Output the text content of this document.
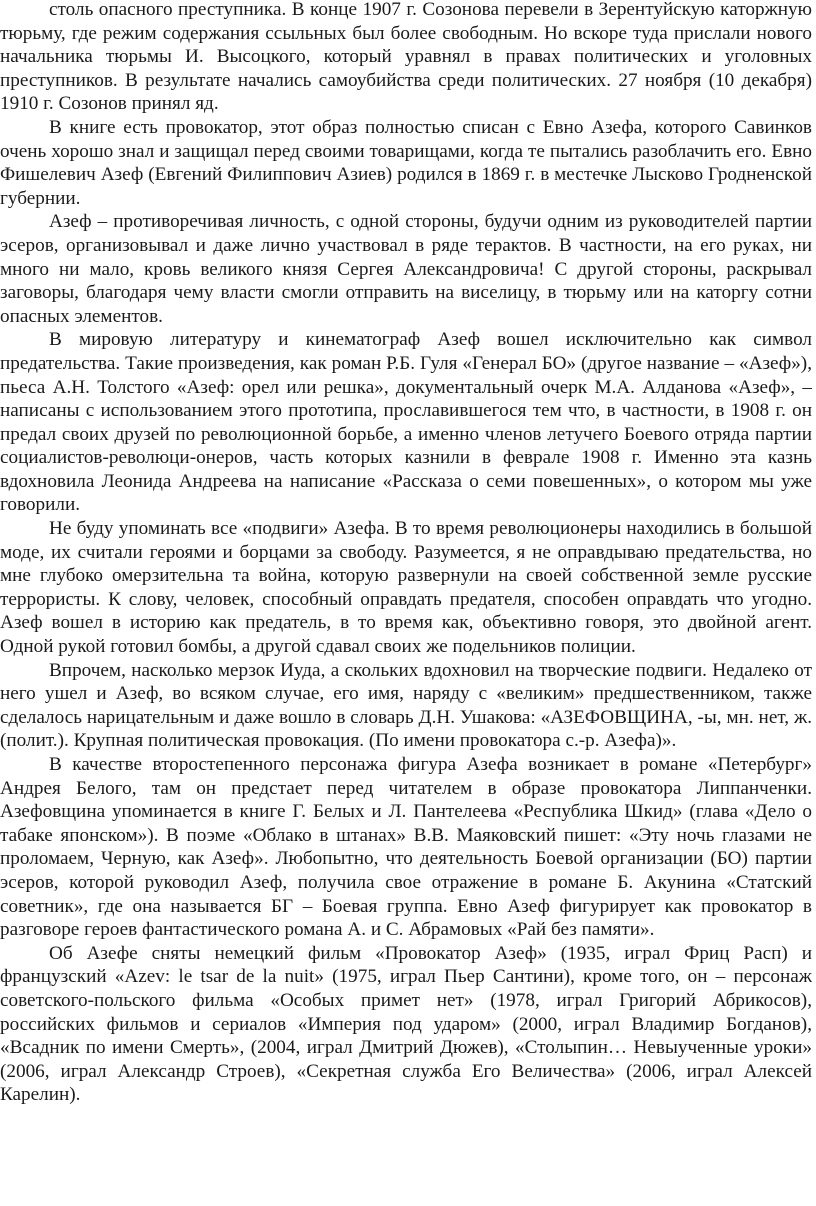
столь опасного преступника. В конце 1907 г. Созонова перевели в Зерентуйскую каторжную тюрьму, где режим содержания ссыльных был более свободным. Но вскоре туда прислали нового начальника тюрьмы И. Высоцкого, который уравнял в правах политических и уголовных преступников. В результате начались самоубийства среди политических. 27 ноября (10 декабря) 1910 г. Созонов принял яд.

В книге есть провокатор, этот образ полностью списан с Евно Азефа, которого Савинков очень хорошо знал и защищал перед своими товарищами, когда те пытались разоблачить его. Евно Фишелевич Азеф (Евгений Филиппович Азиев) родился в 1869 г. в местечке Лысково Гродненской губернии.

Азеф – противоречивая личность, с одной стороны, будучи одним из руководителей партии эсеров, организовывал и даже лично участвовал в ряде терактов. В частности, на его руках, ни много ни мало, кровь великого князя Сергея Александровича! С другой стороны, раскрывал заговоры, благодаря чему власти смогли отправить на виселицу, в тюрьму или на каторгу сотни опасных элементов.

В мировую литературу и кинематограф Азеф вошел исключительно как символ предательства. Такие произведения, как роман Р.Б. Гуля «Генерал БО» (другое название – «Азеф»), пьеса А.Н. Толстого «Азеф: орел или решка», документальный очерк М.А. Алданова «Азеф», – написаны с использованием этого прототипа, прославившегося тем что, в частности, в 1908 г. он предал своих друзей по революционной борьбе, а именно членов летучего Боевого отряда партии социалистов-революци-онеров, часть которых казнили в феврале 1908 г. Именно эта казнь вдохновила Леонида Андреева на написание «Рассказа о семи повешенных», о котором мы уже говорили.

Не буду упоминать все «подвиги» Азефа. В то время революционеры находились в большой моде, их считали героями и борцами за свободу. Разумеется, я не оправдываю предательства, но мне глубоко омерзительна та война, которую развернули на своей собственной земле русские террористы. К слову, человек, способный оправдать предателя, способен оправдать что угодно. Азеф вошел в историю как предатель, в то время как, объективно говоря, это двойной агент. Одной рукой готовил бомбы, а другой сдавал своих же подельников полиции.

Впрочем, насколько мерзок Иуда, а скольких вдохновил на творческие подвиги. Недалеко от него ушел и Азеф, во всяком случае, его имя, наряду с «великим» предшественником, также сделалось нарицательным и даже вошло в словарь Д.Н. Ушакова: «АЗЕФОВЩИНА, -ы, мн. нет, ж. (полит.). Крупная политическая провокация. (По имени провокатора с.-р. Азефа)».

В качестве второстепенного персонажа фигура Азефа возникает в романе «Петербург» Андрея Белого, там он предстает перед читателем в образе провокатора Липпанченки. Азефовщина упоминается в книге Г. Белых и Л. Пантелеева «Республика Шкид» (глава «Дело о табаке японском»). В поэме «Облако в штанах» В.В. Маяковский пишет: «Эту ночь глазами не проломаем, Черную, как Азеф». Любопытно, что деятельность Боевой организации (БО) партии эсеров, которой руководил Азеф, получила свое отражение в романе Б. Акунина «Статский советник», где она называется БГ – Боевая группа. Евно Азеф фигурирует как провокатор в разговоре героев фантастического романа А. и С. Абрамовых «Рай без памяти».

Об Азефе сняты немецкий фильм «Провокатор Азеф» (1935, играл Фриц Расп) и французский «Azev: le tsar de la nuit» (1975, играл Пьер Сантини), кроме того, он – персонаж советского-польского фильма «Особых примет нет» (1978, играл Григорий Абрикосов), российских фильмов и сериалов «Империя под ударом» (2000, играл Владимир Богданов), «Всадник по имени Смерть», (2004, играл Дмитрий Дюжев), «Столыпин… Невыученные уроки» (2006, играл Александр Строев), «Секретная служба Его Величества» (2006, играл Алексей Карелин).
